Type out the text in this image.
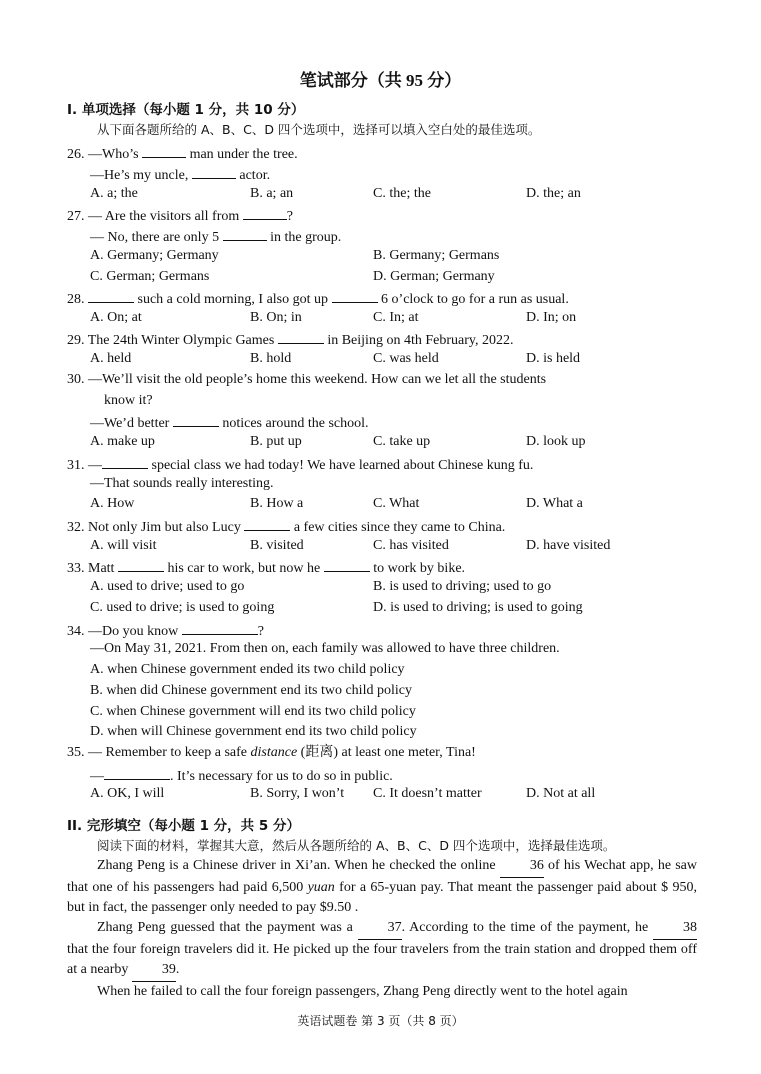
笔试部分（共 95 分）
I. 单项选择（每小题 1 分，共 10 分）
从下面各题所给的 A、B、C、D 四个选项中，选择可以填入空白处的最佳选项。
26. —Who’s	man under the tree.
—He’s my uncle,	actor.
A. a; the	B. a; an	C. the; the	D. the; an
27. — Are the visitors all from	?
— No, there are only 5	in the group.
A. Germany; Germany	B. Germany; Germans
C. German; Germans	D. German; Germany
28.	such a cold morning, I also got up	6 o’clock to go for a run as usual.
A. On; at	B. On; in	C. In; at	D. In; on
29. The 24th Winter Olympic Games	in Beijing on 4th February, 2022.
A. held	B. hold	C. was held	D. is held
30. —We’ll visit the old people’s home this weekend. How can we let all the students
know it?
—We’d better	notices around the school.
A. make up	B. put up	C. take up	D. look up
31. —	special class we had today! We have learned about Chinese kung fu.
—That sounds really interesting.
A. How	B. How a	C. What	D. What a
32. Not only Jim but also Lucy	a few cities since they came to China.
A. will visit	B. visited	C. has visited	D. have visited
33. Matt	his car to work, but now he	to work by bike.
A. used to drive; used to go	B. is used to driving; used to go
C. used to drive; is used to going	D. is used to driving; is used to going
34. —Do you know	?
—On May 31, 2021. From then on, each family was allowed to have three children.
A. when Chinese government ended its two child policy
B. when did Chinese government end its two child policy
C. when Chinese government will end its two child policy
D. when will Chinese government end its two child policy
35. — Remember to keep a safe distance (距离) at least one meter, Tina!
—	. It’s necessary for us to do so in public.
A. OK, I will	B. Sorry, I won’t C. It doesn’t matter	D. Not at all
II. 完形填空（每小题 1 分，共 5 分）
阅读下面的材料，掌握其大意，然后从各题所给的 A、B、C、D 四个选项中，选择最佳选项。
Zhang Peng is a Chinese driver in Xi’an. When he checked the online 36 of his Wechat app, he saw that one of his passengers had paid 6,500 yuan for a 65-yuan pay. That meant the passenger paid about $ 950, but in fact, the passenger only needed to pay $9.50 .
Zhang Peng guessed that the payment was a 37. According to the time of the payment, he 38 that the four foreign travelers did it. He picked up the four travelers from the train station and dropped them off at a nearby 39.
When he failed to call the four foreign passengers, Zhang Peng directly went to the hotel again
英语试题卷 第 3 页（共 8 页）
